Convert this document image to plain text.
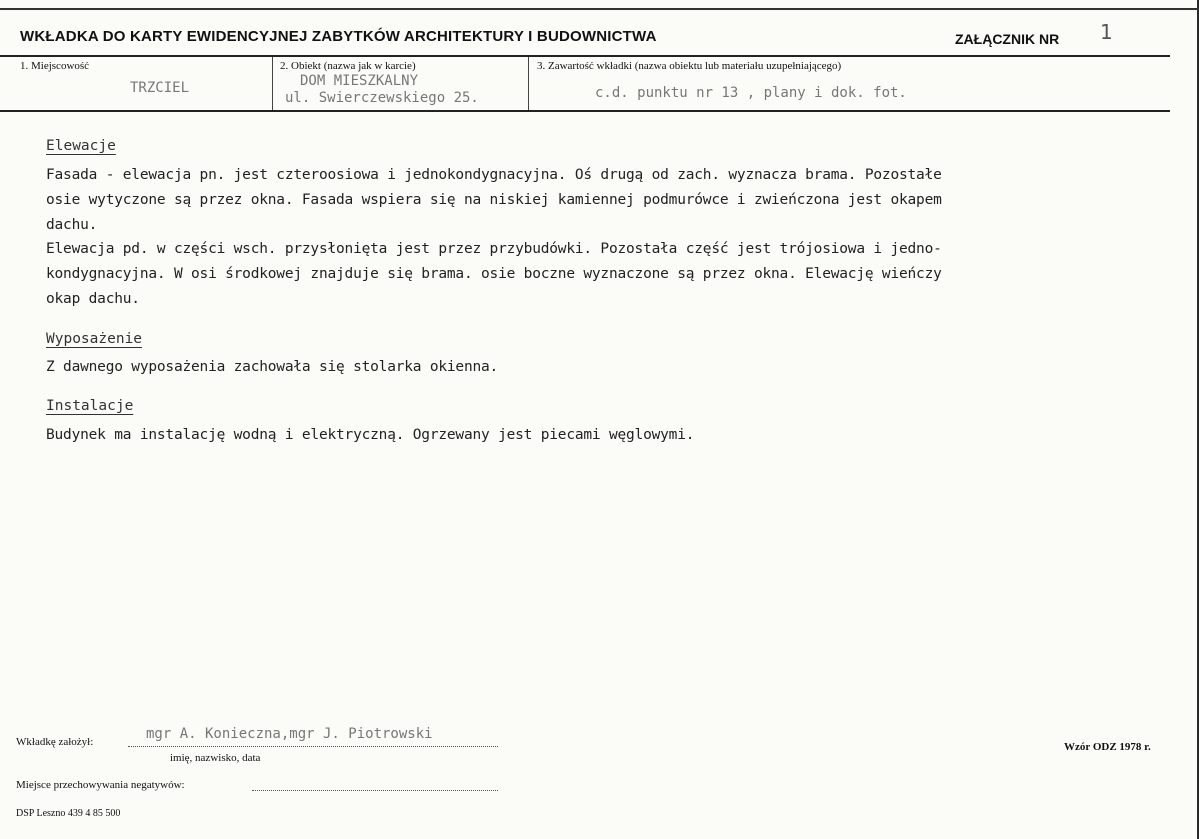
WKŁADKA DO KARTY EWIDENCYJNEJ ZABYTKÓW ARCHITEKTURY I BUDOWNICTWA	ZAŁĄCZNIK NR 1
1. Miejscowość
TRZCIEL
2. Obiekt (nazwa jak w karcie)
DOM MIESZKALNY
ul. Swierczewskiego 25.
3. Zawartość wkładki (nazwa obiektu lub materiału uzupełniającego)
c.d. punktu nr 13 , plany i dok. fot.
Elewacje

Fasada - elewacja pn. jest czteroosiowa i jednokondygnacyjna. Oś drugą od zach. wyznacza brama. Pozostałe

osie wytyczone są przez okna. Fasada wspiera się na niskiej kamiennej podmurówce i zwieńczona jest okapem

dachu.

Elewacja pd. w części wsch. przysłonięta jest przez przybudówki. Pozostała część jest trójosiowa i jedno-

kondygnacyjna. W osi środkowej znajduje się brama. osie boczne wyznaczone są przez okna. Elewację wieńczy

okap dachu.

Wyposażenie

Z dawnego wyposażenia zachowała się stolarka okienna.

Instalacje

Budynek ma instalację wodną i elektryczną. Ogrzewany jest piecami węglowymi.

Wkładkę założył:	mgr A. Konieczna,mgr J. Piotrowski
imię, nazwisko, data
Miejsce przechowywania negatywów:
Wzór ODZ 1978 r.
DSP Leszno 439 4 85 500
